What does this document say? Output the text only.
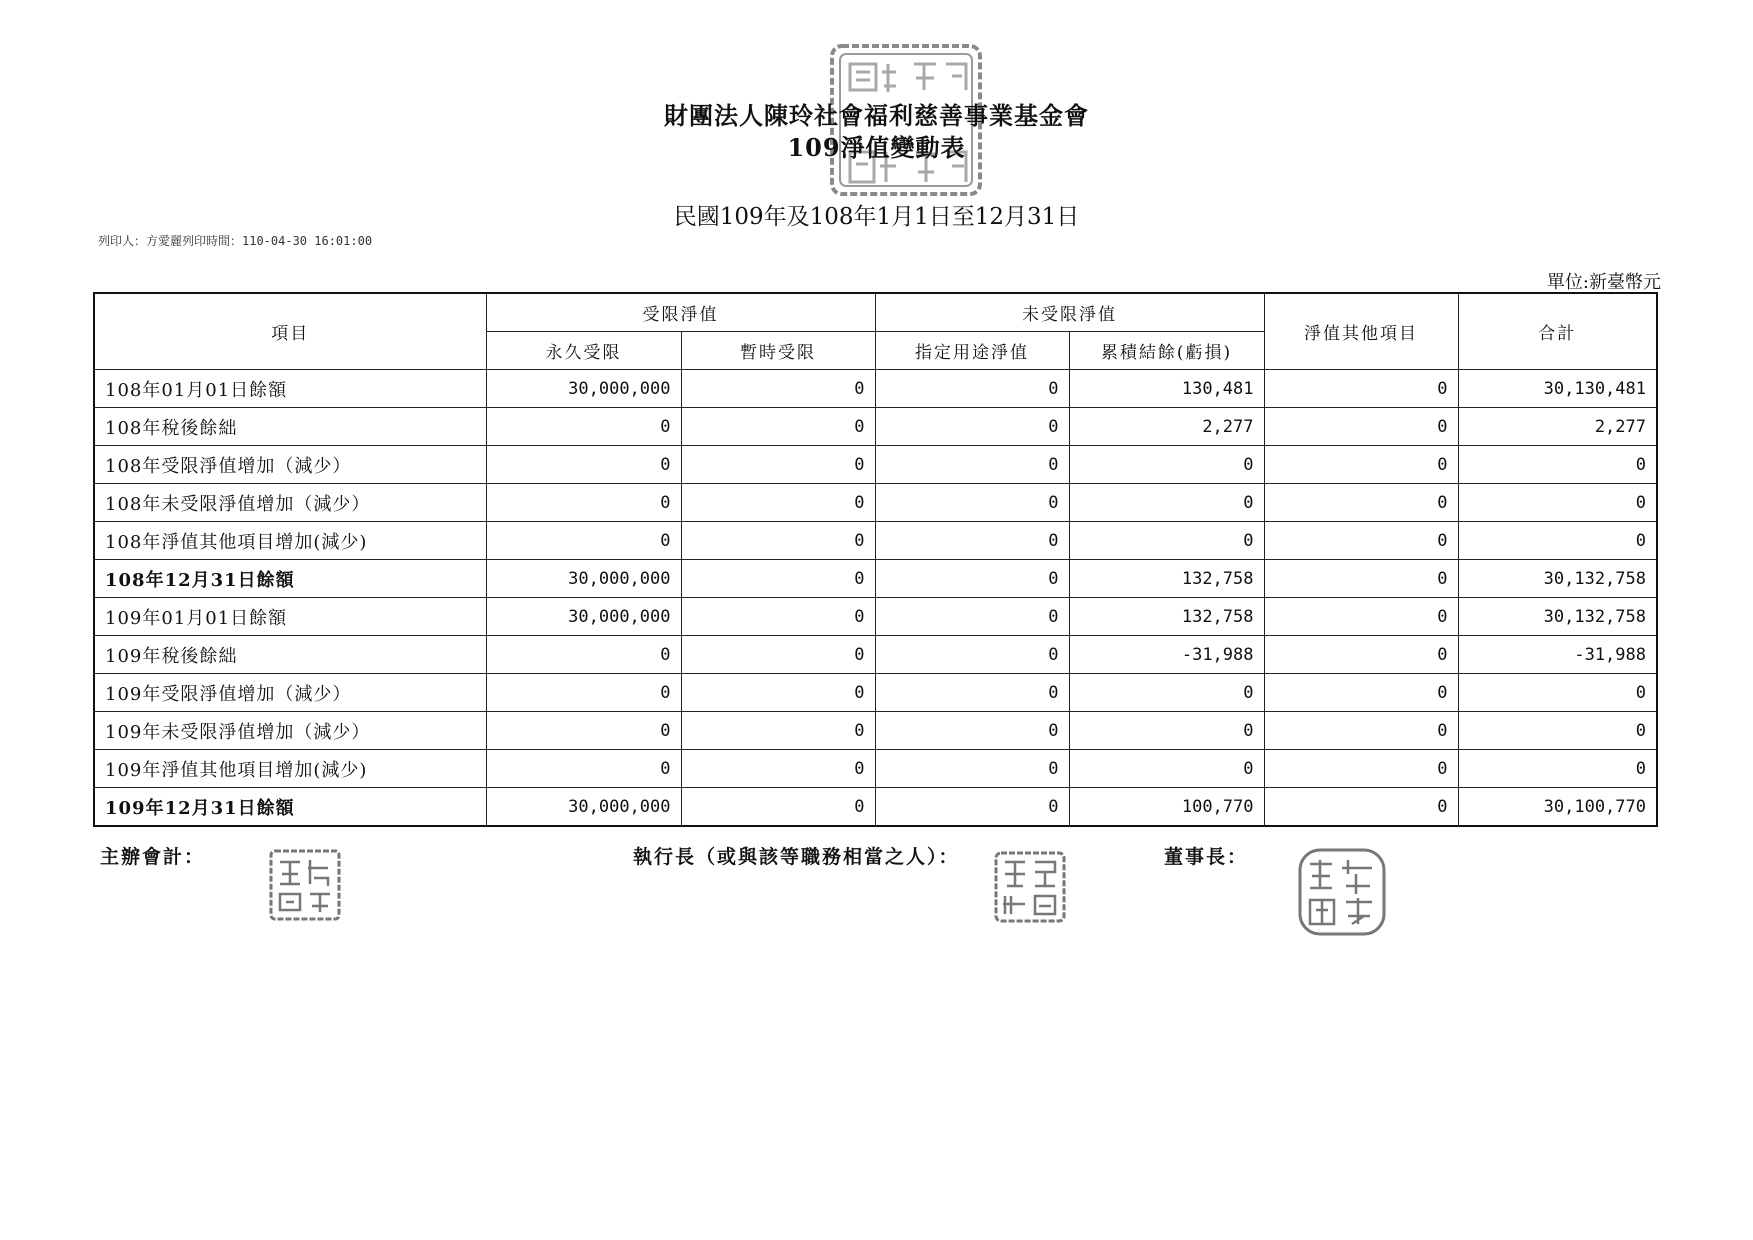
財團法人陳玲社會福利慈善事業基金會
109淨值變動表
民國109年及108年1月1日至12月31日
列印人：方愛麗列印時間：110-04-30 16:01:00
單位:新臺幣元
項目	受限淨值		未受限淨值		淨值其他項目	合計
	永久受限	暫時受限	指定用途淨值	累積結餘(虧損)		
108年01月01日餘額	30,000,000	0	0	130,481	0	30,130,481
108年稅後餘絀	0	0	0	2,277	0	2,277
108年受限淨值增加（減少）	0	0	0	0	0	0
108年未受限淨值增加（減少）	0	0	0	0	0	0
108年淨值其他項目增加(減少)	0	0	0	0	0	0
108年12月31日餘額	30,000,000	0	0	132,758	0	30,132,758
109年01月01日餘額	30,000,000	0	0	132,758	0	30,132,758
109年稅後餘絀	0	0	0	-31,988	0	-31,988
109年受限淨值增加（減少）	0	0	0	0	0	0
109年未受限淨值增加（減少）	0	0	0	0	0	0
109年淨值其他項目增加(減少)	0	0	0	0	0	0
109年12月31日餘額	30,000,000	0	0	100,770	0	30,100,770
主辦會計：	執行長（或與該等職務相當之人）：	董事長：
